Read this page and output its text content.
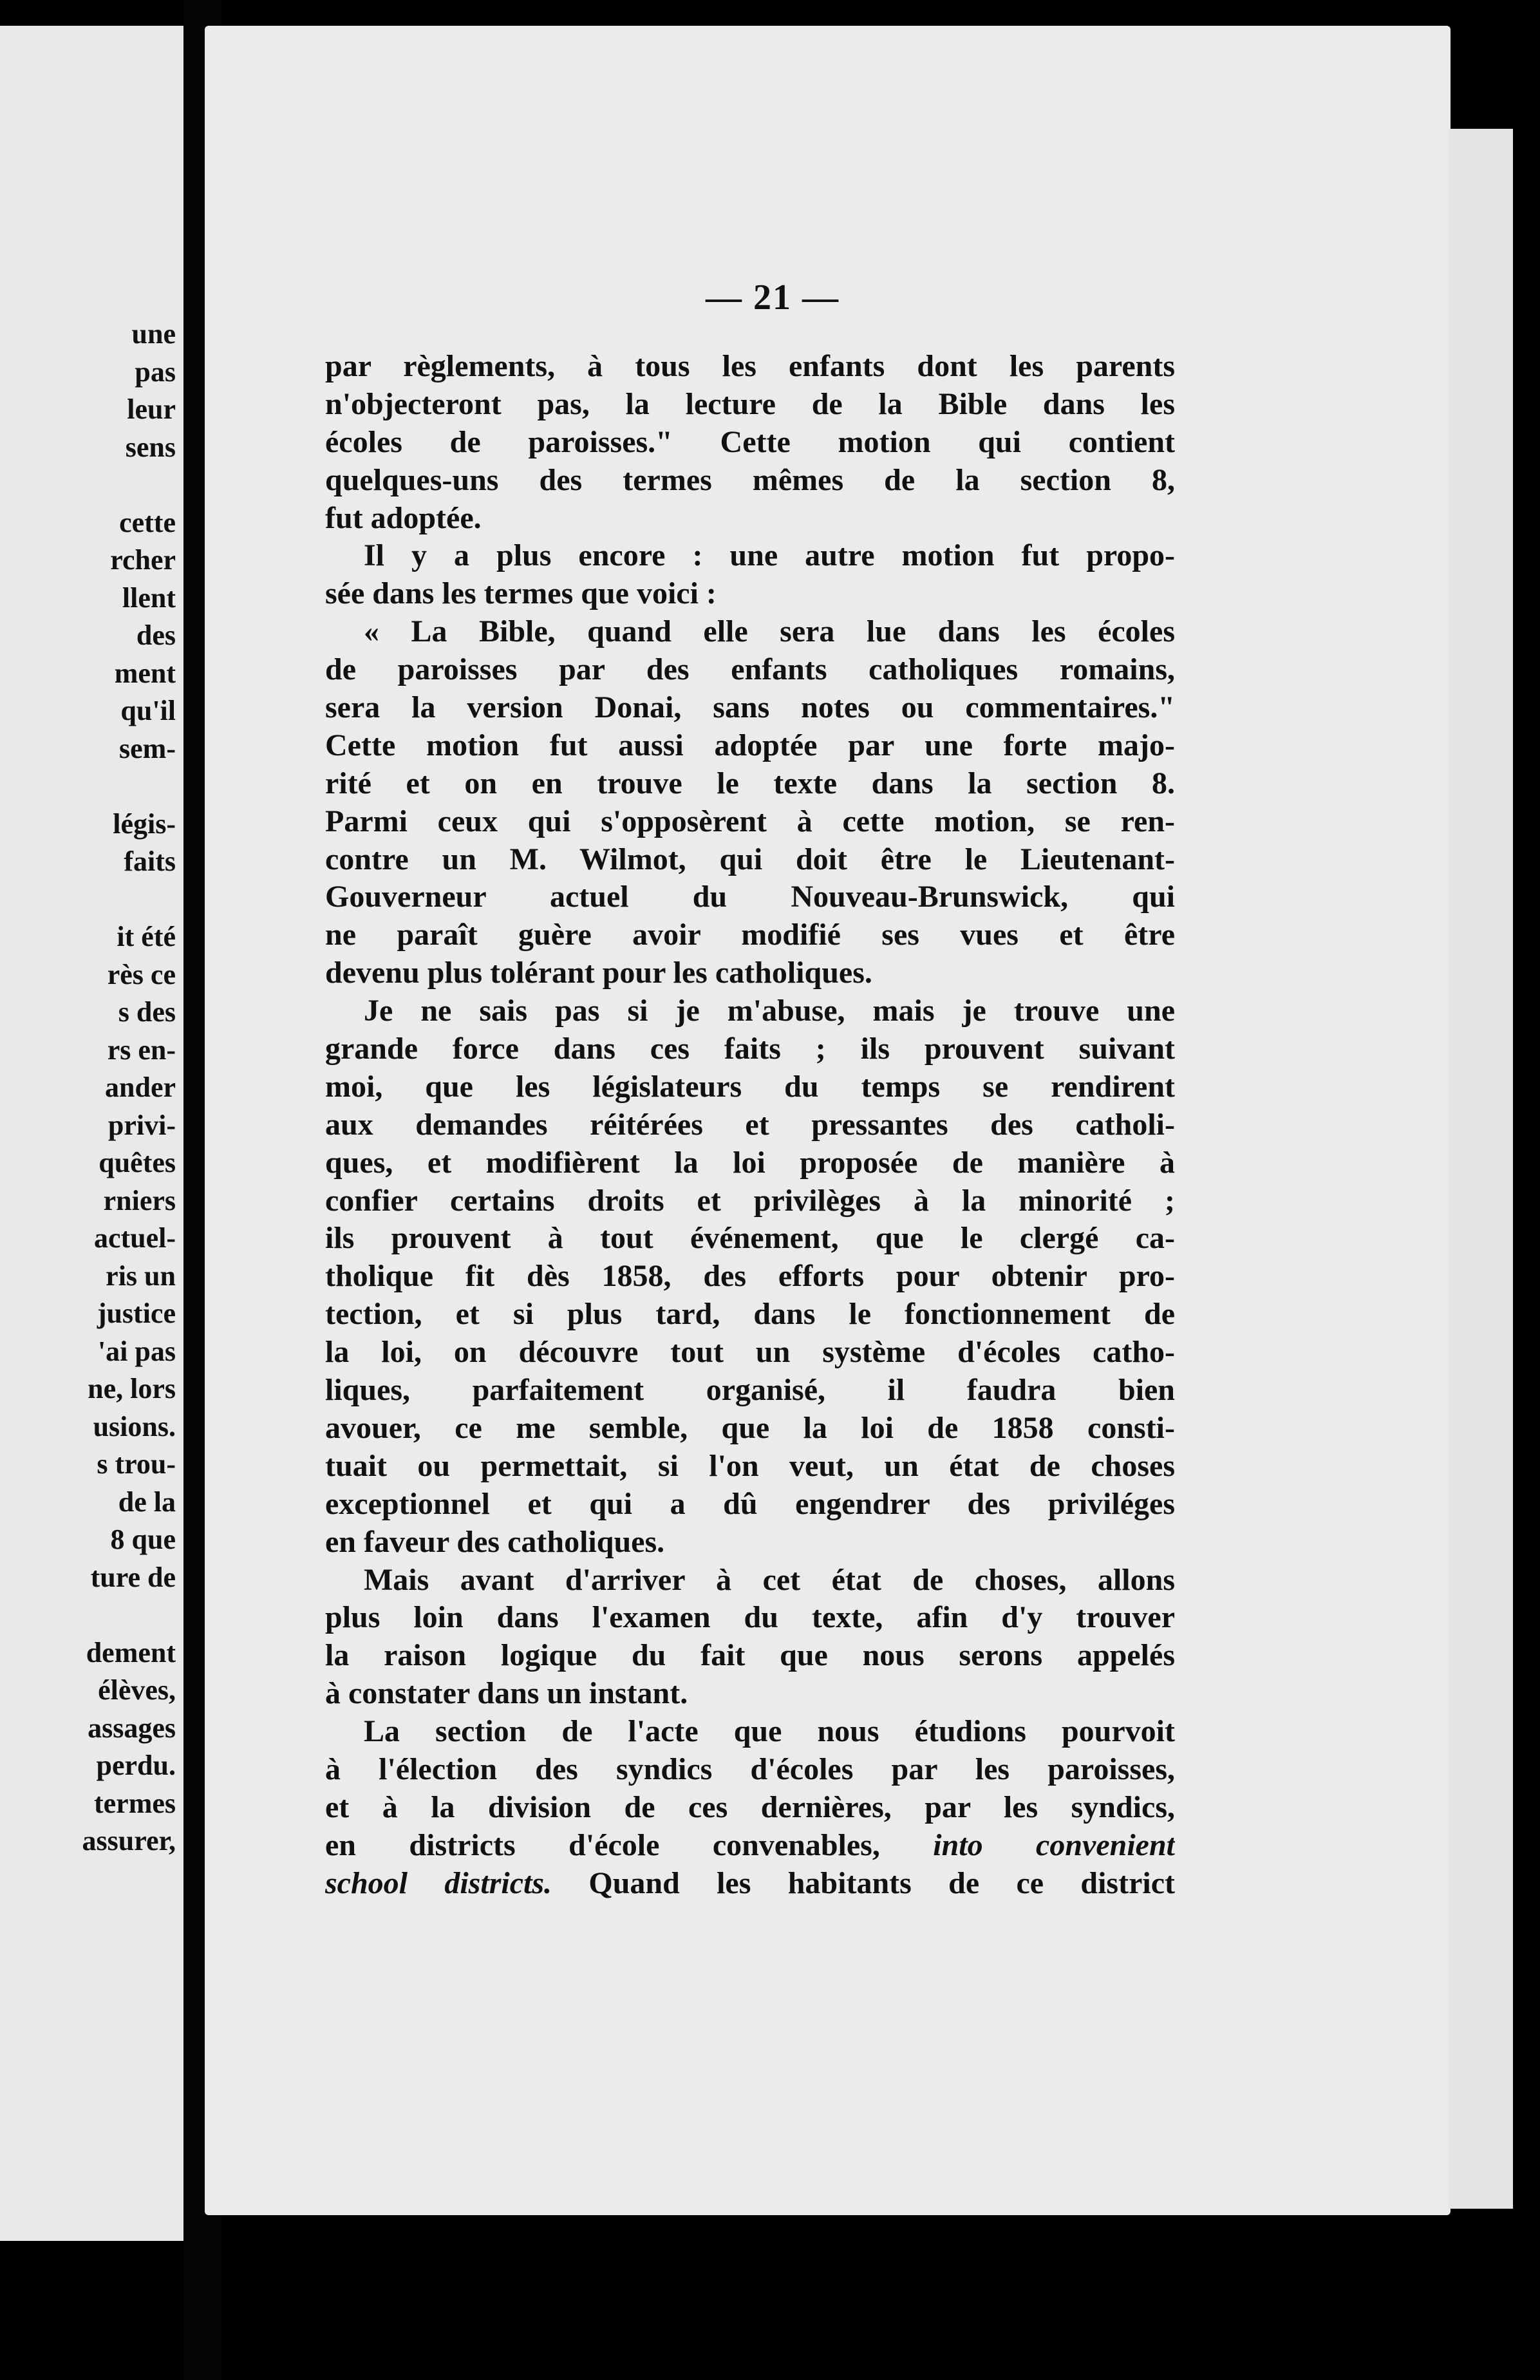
une
pas
leur
sens
cette
rcher
llent
des
ment
qu'il
sem-
légis-
faits
it été
rès ce
s des
rs en-
ander
privi-
quêtes
rniers
actuel-
ris un
justice
'ai pas
ne, lors
usions.
s trou-
de la
8 que
ture de
dement
élèves,
assages
perdu.
termes
assurer,
— 21 —
par règlements, à tous les enfants dont les parents
n'objecteront pas, la lecture de la Bible dans les
écoles de paroisses." Cette motion qui contient
quelques-uns des termes mêmes de la section 8,
fut adoptée.
Il y a plus encore : une autre motion fut propo-
sée dans les termes que voici :
« La Bible, quand elle sera lue dans les écoles
de paroisses par des enfants catholiques romains,
sera la version Donai, sans notes ou commentaires."
Cette motion fut aussi adoptée par une forte majo-
rité et on en trouve le texte dans la section 8.
Parmi ceux qui s'opposèrent à cette motion, se ren-
contre un M. Wilmot, qui doit être le Lieutenant-
Gouverneur actuel du Nouveau-Brunswick, qui
ne paraît guère avoir modifié ses vues et être
devenu plus tolérant pour les catholiques.
Je ne sais pas si je m'abuse, mais je trouve une
grande force dans ces faits ; ils prouvent suivant
moi, que les législateurs du temps se rendirent
aux demandes réitérées et pressantes des catholi-
ques, et modifièrent la loi proposée de manière à
confier certains droits et privilèges à la minorité ;
ils prouvent à tout événement, que le clergé ca-
tholique fit dès 1858, des efforts pour obtenir pro-
tection, et si plus tard, dans le fonctionnement de
la loi, on découvre tout un système d'écoles catho-
liques, parfaitement organisé, il faudra bien
avouer, ce me semble, que la loi de 1858 consti-
tuait ou permettait, si l'on veut, un état de choses
exceptionnel et qui a dû engendrer des priviléges
en faveur des catholiques.
Mais avant d'arriver à cet état de choses, allons
plus loin dans l'examen du texte, afin d'y trouver
la raison logique du fait que nous serons appelés
à constater dans un instant.
La section de l'acte que nous étudions pourvoit
à l'élection des syndics d'écoles par les paroisses,
et à la division de ces dernières, par les syndics,
en districts d'école convenables, into convenient
school districts. Quand les habitants de ce district
